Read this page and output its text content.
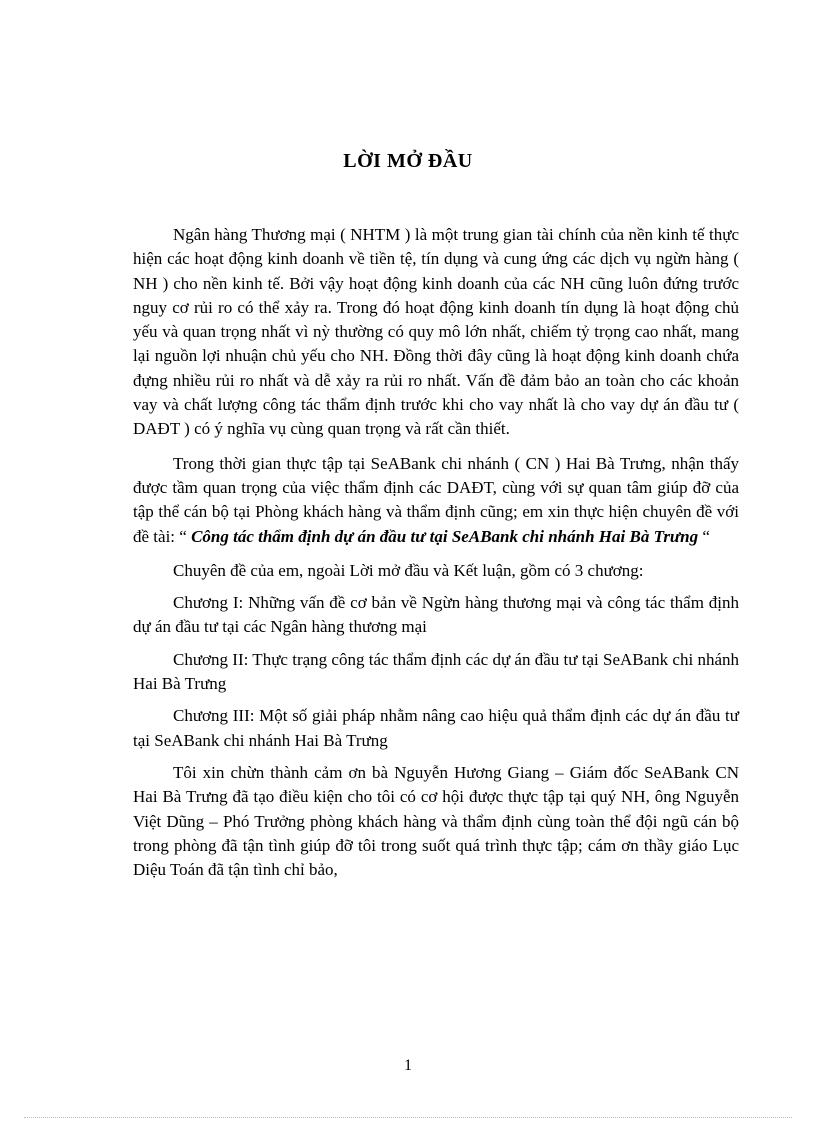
LỜI MỞ ĐẦU

Ngân hàng Thương mại ( NHTM ) là một trung gian tài chính của nền kinh tế thực hiện các hoạt động kinh doanh về tiền tệ, tín dụng và cung ứng các dịch vụ ngừn hàng ( NH ) cho nền kinh tế. Bởi vậy hoạt động kinh doanh của các NH cũng luôn đứng trước nguy cơ rủi ro có thể xảy ra. Trong đó hoạt động kinh doanh tín dụng là hoạt động chủ yếu và quan trọng nhất vì nỳ thường có quy mô lớn nhất, chiếm tỷ trọng cao nhất, mang lại nguồn lợi nhuận chủ yếu cho NH. Đồng thời đây cũng là hoạt động kinh doanh chứa đựng nhiều rủi ro nhất và dễ xảy ra rủi ro nhất. Vấn đề đảm bảo an toàn cho các khoản vay và chất lượng công tác thẩm định trước khi cho vay nhất là cho vay dự án đầu tư ( DAĐT ) có ý nghĩa vụ cùng quan trọng và rất cần thiết.

Trong thời gian thực tập tại SeABank chi nhánh ( CN ) Hai Bà Trưng, nhận thấy được tầm quan trọng của việc thẩm định các DAĐT, cùng với sự quan tâm giúp đỡ của tập thể cán bộ tại Phòng khách hàng và thẩm định cũng; em xin thực hiện chuyên đề với đề tài: “ Công tác thẩm định dự án đầu tư tại SeABank chi nhánh Hai Bà Trưng “

Chuyên đề của em, ngoài Lời mở đầu và Kết luận, gồm có 3 chương:

Chương I: Những vấn đề cơ bản về Ngừn hàng thương mại và công tác thẩm định dự án đầu tư tại các Ngân hàng thương mại

Chương II: Thực trạng công tác thẩm định các dự án đầu tư tại SeABank chi nhánh Hai Bà Trưng

Chương III: Một số giải pháp nhằm nâng cao hiệu quả thẩm định các dự án đầu tư tại SeABank chi nhánh Hai Bà Trưng

Tôi xin chừn thành cảm ơn bà Nguyễn Hương Giang – Giám đốc SeABank CN Hai Bà Trưng đã tạo điều kiện cho tôi có cơ hội được thực tập tại quý NH, ông Nguyễn Việt Dũng – Phó Trưởng phòng khách hàng và thẩm định cùng toàn thể đội ngũ cán bộ trong phòng đã tận tình giúp đỡ tôi trong suốt quá trình thực tập; cám ơn thầy giáo Lục Diệu Toán đã tận tình chỉ bảo,

1
